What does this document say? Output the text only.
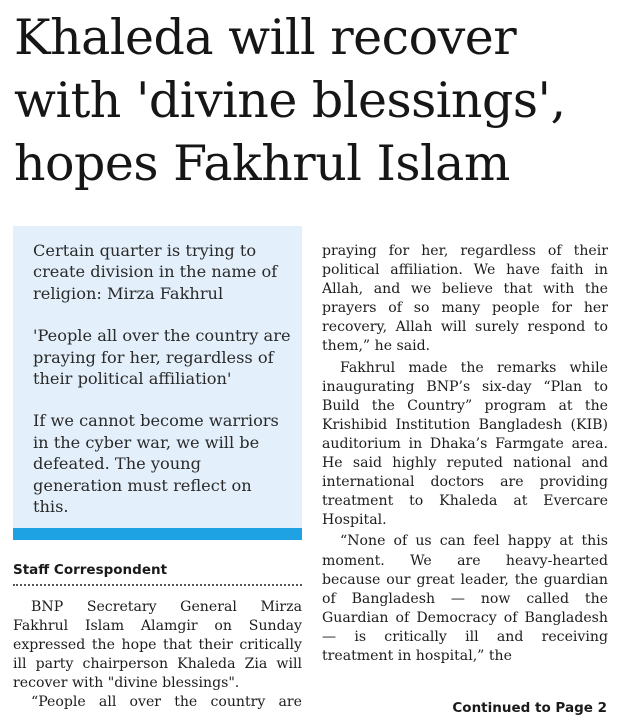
Khaleda will recover
with 'divine blessings',
hopes Fakhrul Islam

Certain quarter is trying to create division in the name of religion: Mirza Fakhrul

'People all over the country are praying for her, regardless of their political affiliation'

If we cannot become warriors in the cyber war, we will be defeated. The young generation must reflect on this.

Staff Correspondent

BNP Secretary General Mirza Fakhrul Islam Alamgir on Sunday expressed the hope that their critically ill party chairperson Khaleda Zia will recover with "divine blessings".

“People all over the country are

praying for her, regardless of their political affiliation. We have faith in Allah, and we believe that with the prayers of so many people for her recovery, Allah will surely respond to them,” he said.

Fakhrul made the remarks while inaugurating BNP’s six-day “Plan to Build the Country” program at the Krishibid Institution Bangladesh (KIB) auditorium in Dhaka’s Farmgate area. He said highly reputed national and international doctors are providing treatment to Khaleda at Evercare Hospital.

“None of us can feel happy at this moment. We are heavy-hearted because our great leader, the guardian of Bangladesh — now called the Guardian of Democracy of Bangladesh — is critically ill and receiving treatment in hospital,” the

Continued to Page 2
